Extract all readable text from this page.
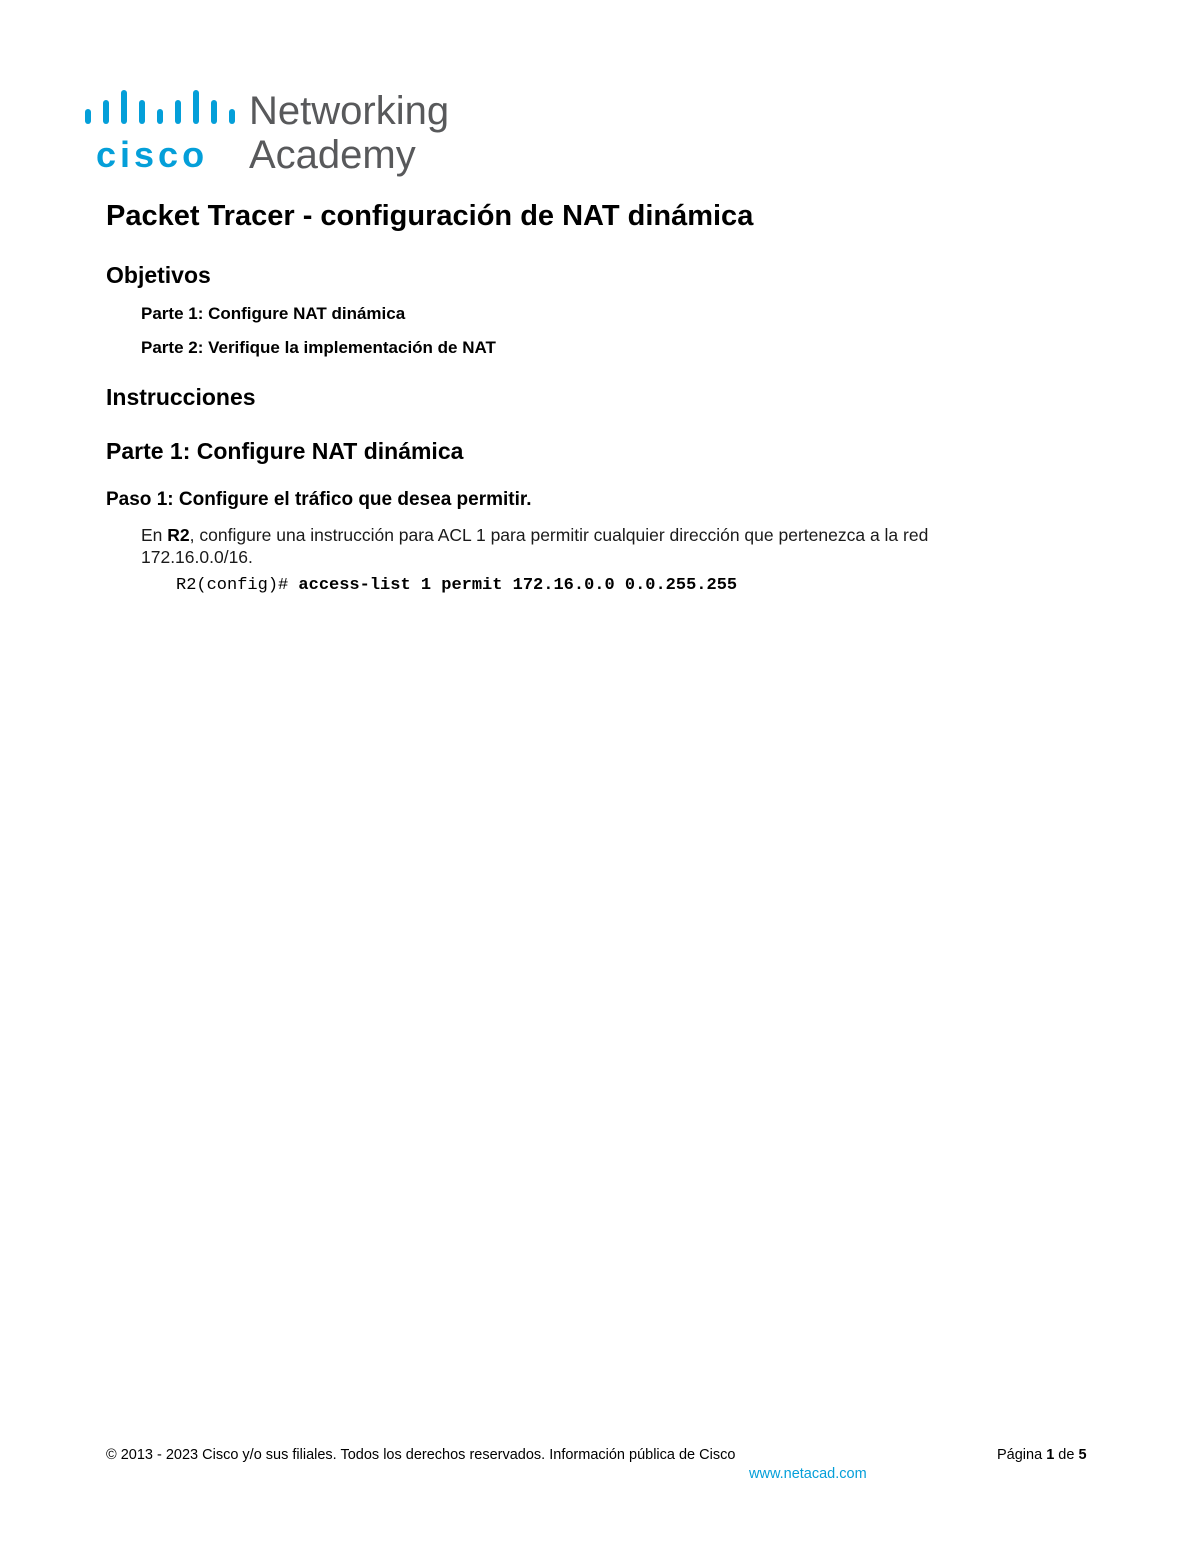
cisco
Networking
Academy
Packet Tracer - configuración de NAT dinámica
Objetivos
Parte 1: Configure NAT dinámica
Parte 2: Verifique la implementación de NAT
Instrucciones
Parte 1: Configure NAT dinámica
Paso 1: Configure el tráfico que desea permitir.
En R2, configure una instrucción para ACL 1 para permitir cualquier dirección que pertenezca a la red 172.16.0.0/16.
R2(config)# access-list 1 permit 172.16.0.0 0.0.255.255
© 2013 - 2023 Cisco y/o sus filiales. Todos los derechos reservados. Información pública de Cisco	Página 1 de 5
www.netacad.com
